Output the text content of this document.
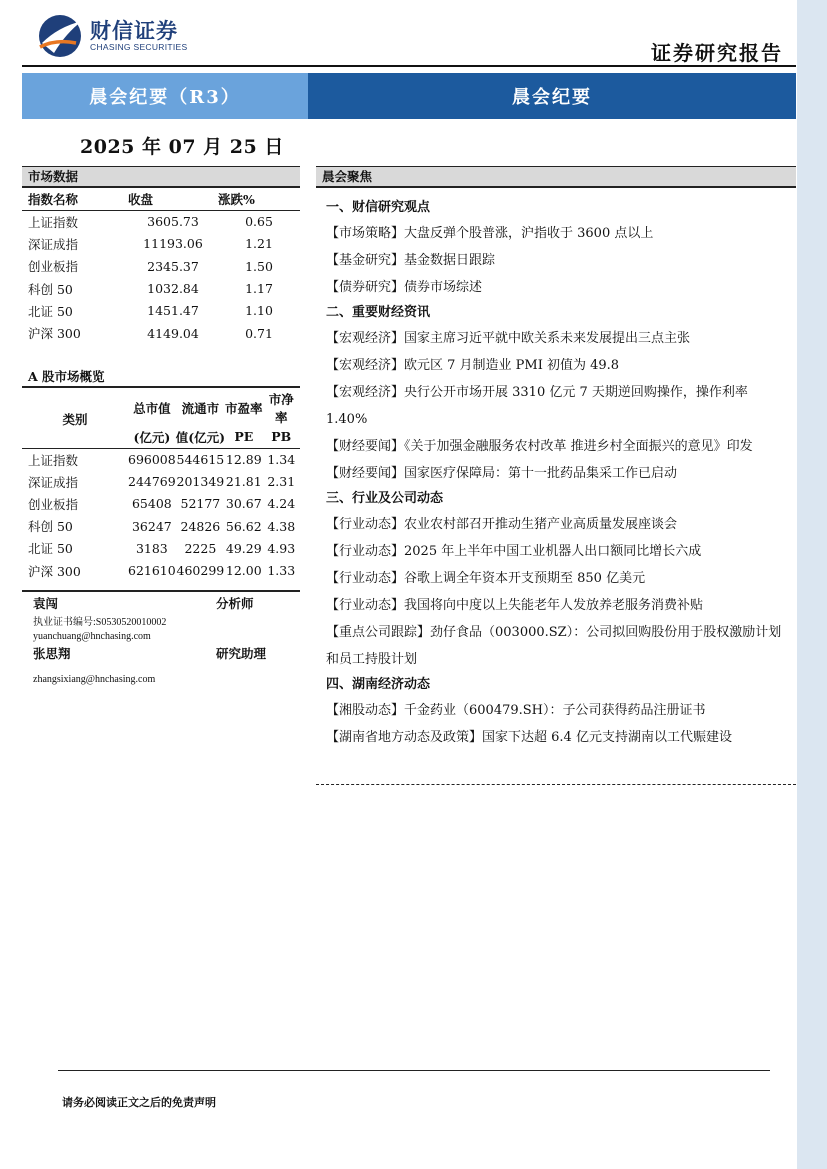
财信证券
CHASING SECURITIES	证券研究报告
晨会纪要（R3）	晨会纪要
2025 年 07 月 25 日
市场数据
指数名称	收盘	涨跌%
上证指数	3605.73	0.65
深证成指	11193.06	1.21
创业板指	2345.37	1.50
科创 50	1032.84	1.17
北证 50	1451.47	1.10
沪深 300	4149.04	0.71
A 股市场概览
类别	总市值	流通市	市盈率	市净率
	(亿元)	值(亿元)	PE	PB
上证指数	696008	544615	12.89	1.34
深证成指	244769	201349	21.81	2.31
创业板指	65408	52177	30.67	4.24
科创 50	36247	24826	56.62	4.38
北证 50	3183	2225	49.29	4.93
沪深 300	621610	460299	12.00	1.33
袁闯	分析师
执业证书编号:S0530520010002
yuanchuang@hnchasing.com
张思翔	研究助理
zhangsixiang@hnchasing.com
晨会聚焦
一、财信研究观点
【市场策略】大盘反弹个股普涨，沪指收于 3600 点以上
【基金研究】基金数据日跟踪
【债券研究】债券市场综述
二、重要财经资讯
【宏观经济】国家主席习近平就中欧关系未来发展提出三点主张
【宏观经济】欧元区 7 月制造业 PMI 初值为 49.8
【宏观经济】央行公开市场开展 3310 亿元 7 天期逆回购操作，操作利率 1.40%
【财经要闻】《关于加强金融服务农村改革 推进乡村全面振兴的意见》印发
【财经要闻】国家医疗保障局：第十一批药品集采工作已启动
三、行业及公司动态
【行业动态】农业农村部召开推动生猪产业高质量发展座谈会
【行业动态】2025 年上半年中国工业机器人出口额同比增长六成
【行业动态】谷歌上调全年资本开支预期至 850 亿美元
【行业动态】我国将向中度以上失能老年人发放养老服务消费补贴
【重点公司跟踪】劲仔食品（003000.SZ）：公司拟回购股份用于股权激励计划和员工持股计划
四、湖南经济动态
【湘股动态】千金药业（600479.SH）：子公司获得药品注册证书
【湖南省地方动态及政策】国家下达超 6.4 亿元支持湖南以工代赈建设
请务必阅读正文之后的免责声明
